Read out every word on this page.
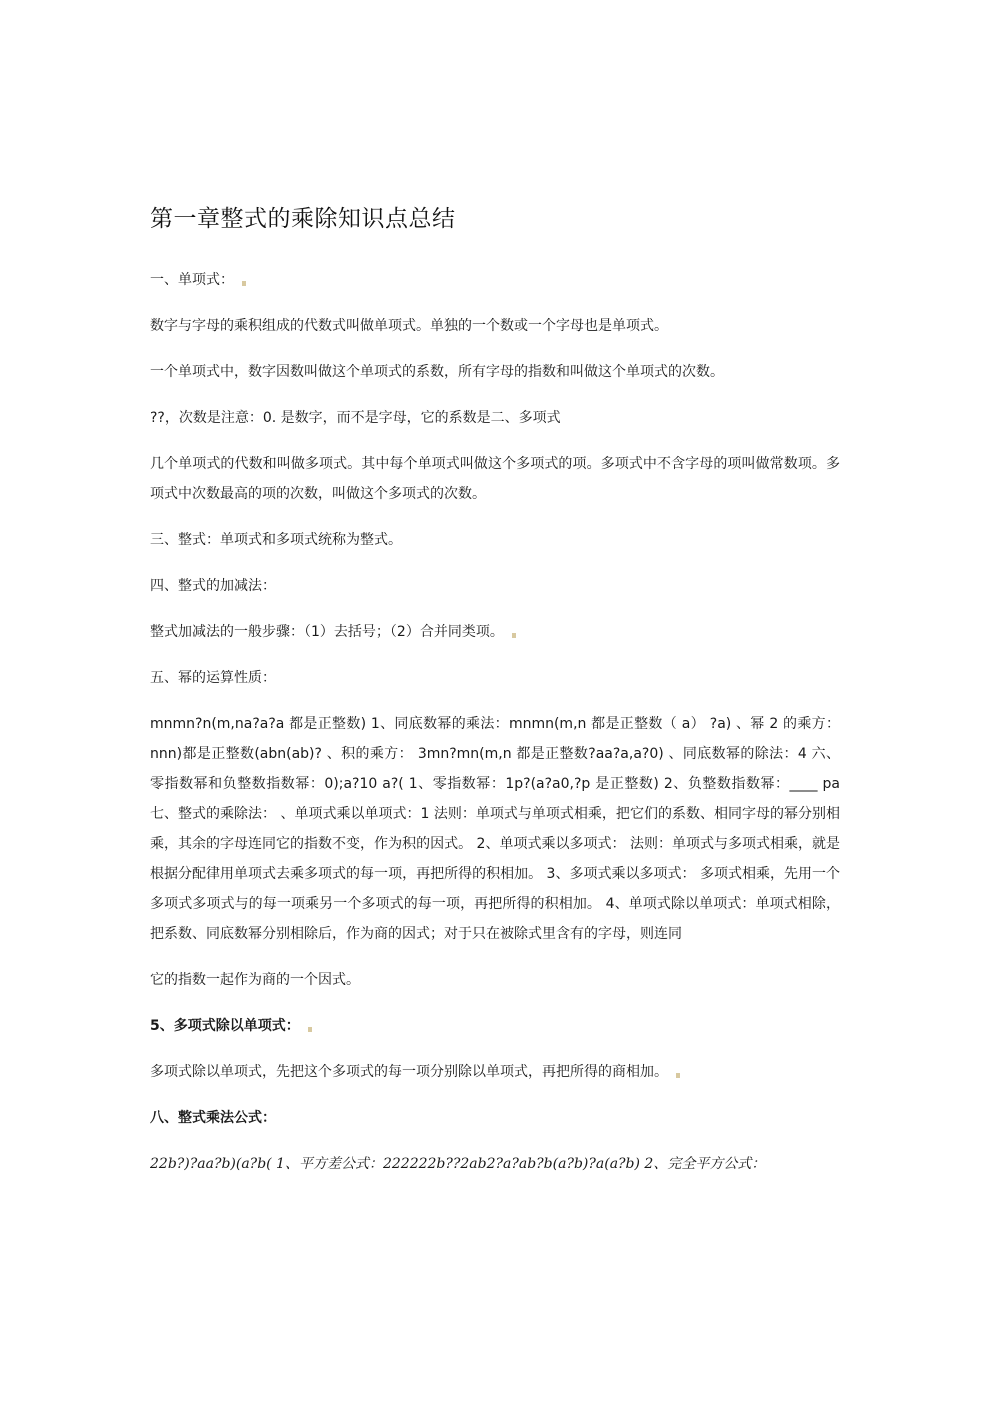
第一章整式的乘除知识点总结

一、单项式：

数字与字母的乘积组成的代数式叫做单项式。单独的一个数或一个字母也是单项式。

一个单项式中，数字因数叫做这个单项式的系数，所有字母的指数和叫做这个单项式的次数。

??，次数是注意：0. 是数字，而不是字母，它的系数是二、多项式

几个单项式的代数和叫做多项式。其中每个单项式叫做这个多项式的项。多项式中不含字母的项叫做常数项。多项式中次数最高的项的次数，叫做这个多项式的次数。

三、整式：单项式和多项式统称为整式。

四、整式的加减法：

整式加减法的一般步骤：（1）去括号；（2）合并同类项。

五、幂的运算性质：

mnmn?n(m,na?a?a 都是正整数) 1、同底数幂的乘法：mnmn(m,n 都是正整数（ a） ?a) 、幂 2 的乘方：nnn)都是正整数(abn(ab)? 、积的乘方： 3mn?mn(m,n 都是正整数?aa?a,a?0) 、同底数幂的除法：4 六、零指数幂和负整数指数幂：0);a?10 a?( 1、零指数幂：1p?(a?a0,?p 是正整数) 2、负整数指数幂：____ pa 七、整式的乘除法： 、单项式乘以单项式：1 法则：单项式与单项式相乘，把它们的系数、相同字母的幂分别相乘，其余的字母连同它的指数不变，作为积的因式。 2、单项式乘以多项式： 法则：单项式与多项式相乘，就是根据分配律用单项式去乘多项式的每一项，再把所得的积相加。 3、多项式乘以多项式： 多项式相乘，先用一个多项式多项式与的每一项乘另一个多项式的每一项，再把所得的积相加。 4、单项式除以单项式：单项式相除，把系数、同底数幂分别相除后，作为商的因式；对于只在被除式里含有的字母，则连同

它的指数一起作为商的一个因式。

5、多项式除以单项式：

多项式除以单项式，先把这个多项式的每一项分别除以单项式，再把所得的商相加。

八、整式乘法公式：

22b?)?aa?b)(a?b( 1、平方差公式：222222b??2ab2?a?ab?b(a?b)?a(a?b) 2、完全平方公式：
